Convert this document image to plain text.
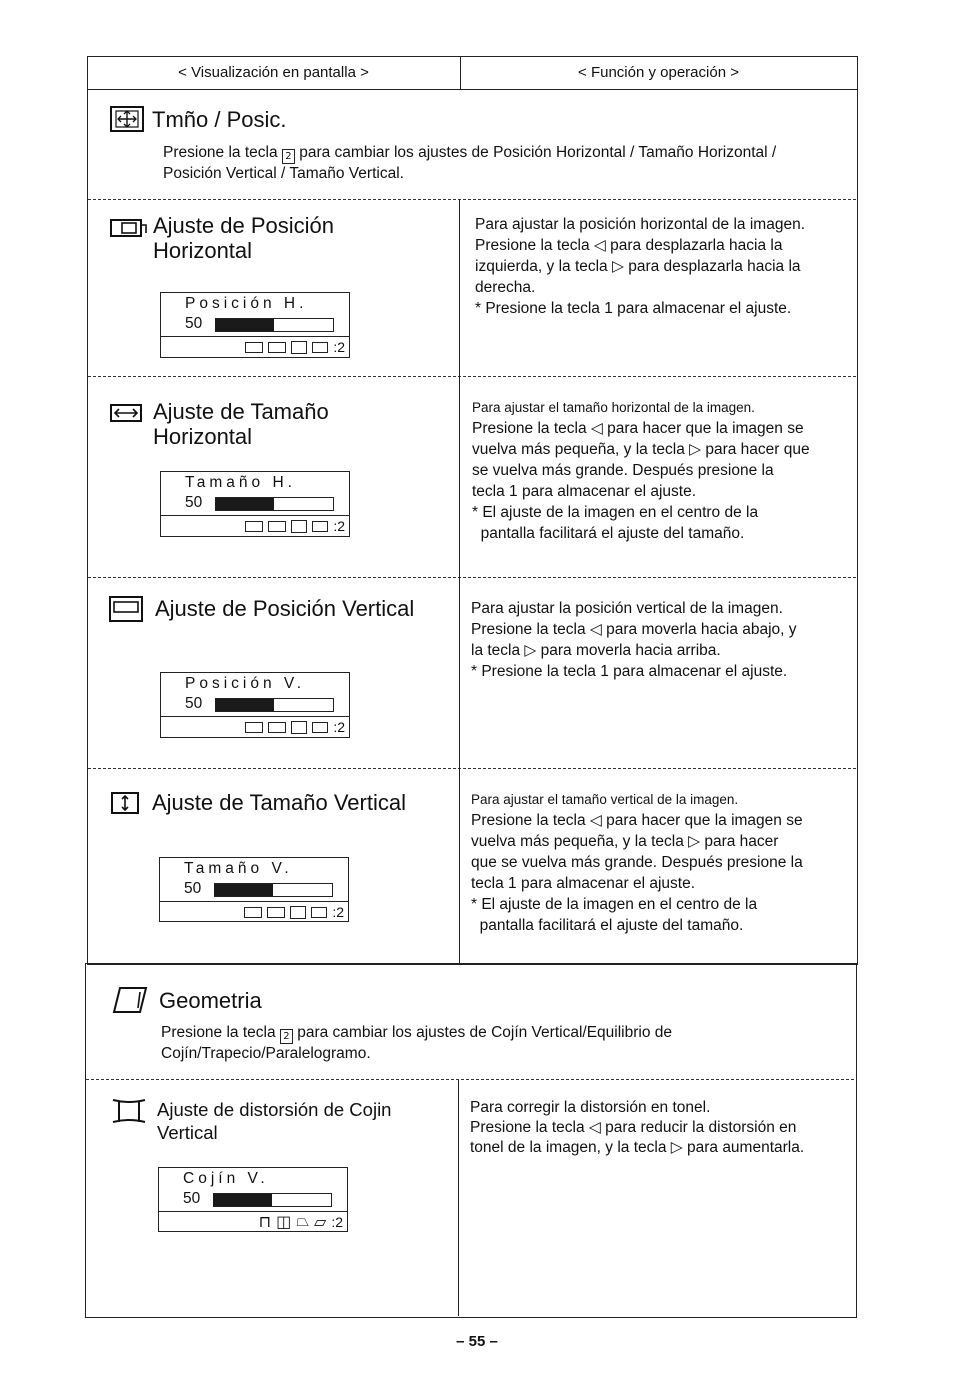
< Visualización en pantalla >	< Función y operación >
Tmño / Posic.
Presione la tecla 2 para cambiar los ajustes de Posición Horizontal / Tamaño Horizontal /
Posición Vertical / Tamaño Vertical.
Ajuste de Posición
Horizontal
Posición H.
50
:2
Para ajustar la posición horizontal de la imagen.
Presione la tecla ◁ para desplazarla hacia la
izquierda, y la tecla ▷ para desplazarla hacia la
derecha.
* Presione la tecla 1 para almacenar el ajuste.
Ajuste de Tamaño
Horizontal
Tamaño H.
50
:2
Para ajustar el tamaño horizontal de la imagen.
Presione la tecla ◁ para hacer que la imagen se
vuelva más pequeña, y la tecla ▷ para hacer que
se vuelva más grande. Después presione la
tecla 1 para almacenar el ajuste.
* El ajuste de la imagen en el centro de la
pantalla facilitará el ajuste del tamaño.
Ajuste de Posición Vertical
Posición V.
50
:2
Para ajustar la posición vertical de la imagen.
Presione la tecla ◁ para moverla hacia abajo, y
la tecla ▷ para moverla hacia arriba.
* Presione la tecla 1 para almacenar el ajuste.
Ajuste de Tamaño Vertical
Tamaño V.
50
:2
Para ajustar el tamaño vertical de la imagen.
Presione la tecla ◁ para hacer que la imagen se
vuelva más pequeña, y la tecla ▷ para hacer
que se vuelva más grande. Después presione la
tecla 1 para almacenar el ajuste.
* El ajuste de la imagen en el centro de la
pantalla facilitará el ajuste del tamaño.
Geometria
Presione la tecla 2 para cambiar los ajustes de Cojín Vertical/Equilibrio de
Cojín/Trapecio/Paralelogramo.
Ajuste de distorsión de Cojin
Vertical
Cojín V.
50
⊓ ◫ ⏢ ▱ :2
Para corregir la distorsión en tonel.
Presione la tecla ◁ para reducir la distorsión en
tonel de la imagen, y la tecla ▷ para aumentarla.
– 55 –
